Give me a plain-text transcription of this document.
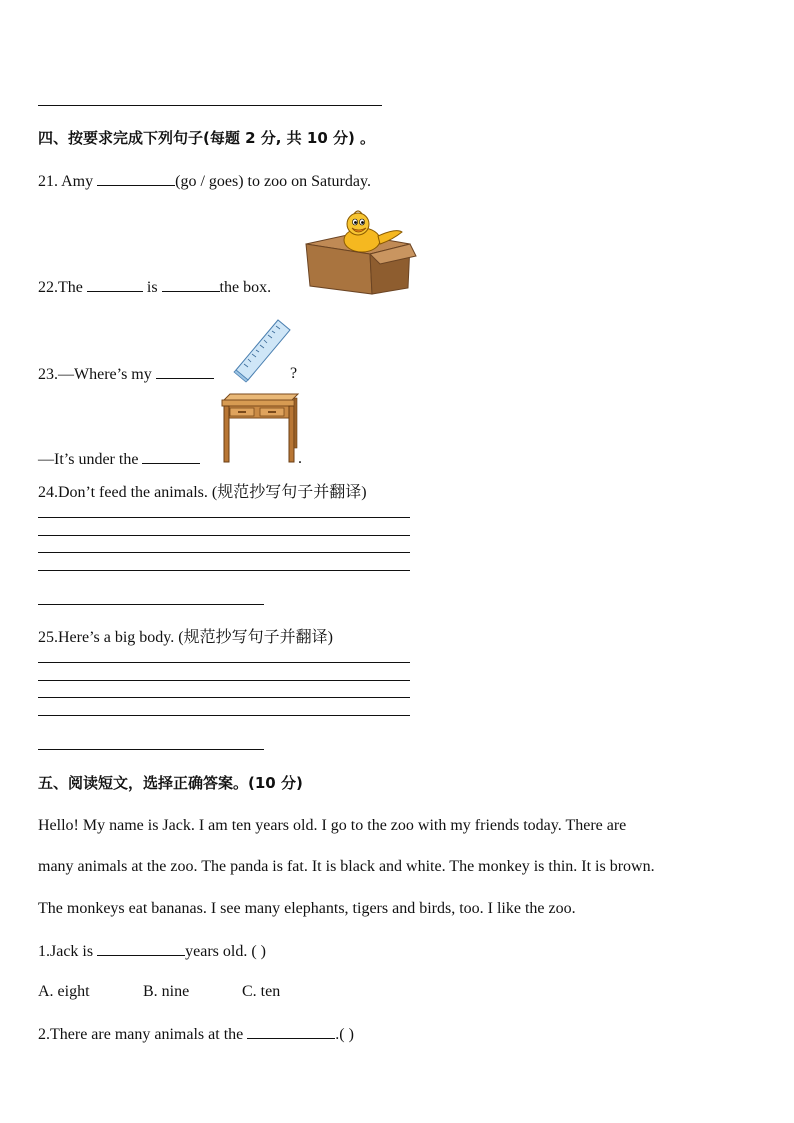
四、按要求完成下列句子(每题 2 分, 共 10 分) 。
21. Amy	(go / goes) to zoo on Saturday.
22.The	is	the box.
23.—Where’s my	?
—It’s under the	.
24.Don’t feed the animals. (规范抄写句子并翻译)
25.Here’s a big body. (规范抄写句子并翻译)
五、阅读短文，选择正确答案。(10 分)
Hello! My name is Jack. I am ten years old. I go to the zoo with my friends today. There are
many animals at the zoo. The panda is fat. It is black and white. The monkey is thin. It is brown.
The monkeys eat bananas. I see many elephants, tigers and birds, too. I like the zoo.
1.Jack is	years old. ( )
A. eight	B. nine	C. ten
2.There are many animals at the	.( )
